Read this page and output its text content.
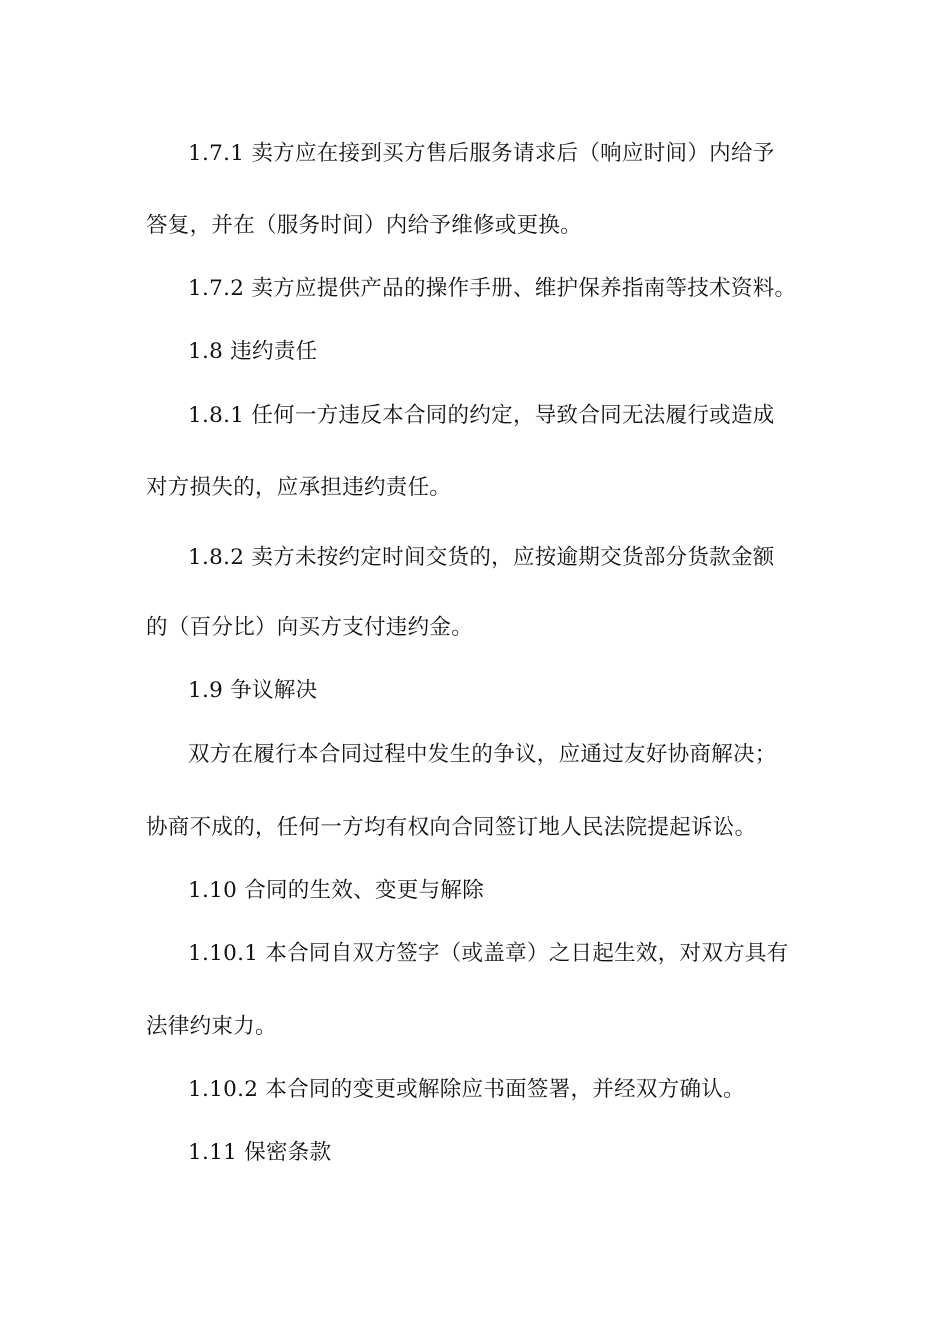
1.7.1 卖方应在接到买方售后服务请求后（响应时间）内给予
答复，并在（服务时间）内给予维修或更换。
1.7.2 卖方应提供产品的操作手册、维护保养指南等技术资料。
1.8 违约责任
1.8.1 任何一方违反本合同的约定，导致合同无法履行或造成
对方损失的，应承担违约责任。
1.8.2 卖方未按约定时间交货的，应按逾期交货部分货款金额
的（百分比）向买方支付违约金。
1.9 争议解决
双方在履行本合同过程中发生的争议，应通过友好协商解决；
协商不成的，任何一方均有权向合同签订地人民法院提起诉讼。
1.10 合同的生效、变更与解除
1.10.1 本合同自双方签字（或盖章）之日起生效，对双方具有
法律约束力。
1.10.2 本合同的变更或解除应书面签署，并经双方确认。
1.11 保密条款
